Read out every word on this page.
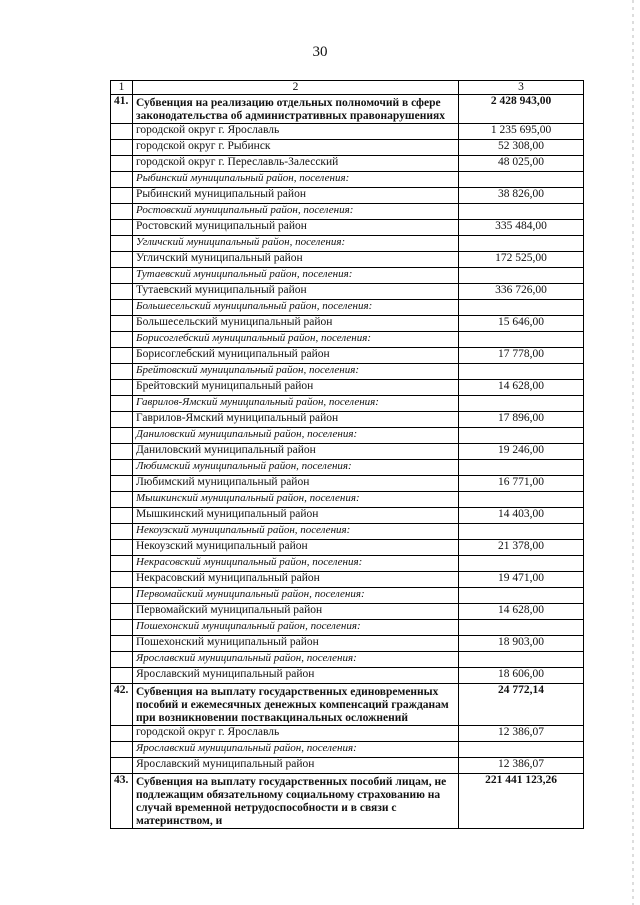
30
1	2	3
41.	Субвенция на реализацию отдельных полномочий в сфере законодательства об административных правонарушениях	2 428 943,00
	городской округ г. Ярославль	1 235 695,00
	городской округ г. Рыбинск	52 308,00
	городской округ г. Переславль-Залесский	48 025,00
	Рыбинский муниципальный район, поселения:	
	Рыбинский муниципальный район	38 826,00
	Ростовский муниципальный район, поселения:	
	Ростовский муниципальный район	335 484,00
	Угличский муниципальный район, поселения:	
	Угличский муниципальный район	172 525,00
	Тутаевский муниципальный район, поселения:	
	Тутаевский муниципальный район	336 726,00
	Большесельский муниципальный район, поселения:	
	Большесельский муниципальный район	15 646,00
	Борисоглебский муниципальный район, поселения:	
	Борисоглебский муниципальный район	17 778,00
	Брейтовский муниципальный район, поселения:	
	Брейтовский муниципальный район	14 628,00
	Гаврилов-Ямский муниципальный район, поселения:	
	Гаврилов-Ямский муниципальный район	17 896,00
	Даниловский муниципальный район, поселения:	
	Даниловский муниципальный район	19 246,00
	Любимский муниципальный район, поселения:	
	Любимский муниципальный район	16 771,00
	Мышкинский муниципальный район, поселения:	
	Мышкинский муниципальный район	14 403,00
	Некоузский муниципальный район, поселения:	
	Некоузский муниципальный район	21 378,00
	Некрасовский муниципальный район, поселения:	
	Некрасовский муниципальный район	19 471,00
	Первомайский муниципальный район, поселения:	
	Первомайский муниципальный район	14 628,00
	Пошехонский муниципальный район, поселения:	
	Пошехонский муниципальный район	18 903,00
	Ярославский муниципальный район, поселения:	
	Ярославский муниципальный район	18 606,00
42.	Субвенция на выплату государственных единовременных пособий и ежемесячных денежных компенсаций гражданам при возникновении поствакцинальных осложнений	24 772,14
	городской округ г. Ярославль	12 386,07
	Ярославский муниципальный район, поселения:	
	Ярославский муниципальный район	12 386,07
43.	Субвенция на выплату государственных пособий лицам, не подлежащим обязательному социальному страхованию на случай временной нетрудоспособности и в связи с материнством, и	221 441 123,26
